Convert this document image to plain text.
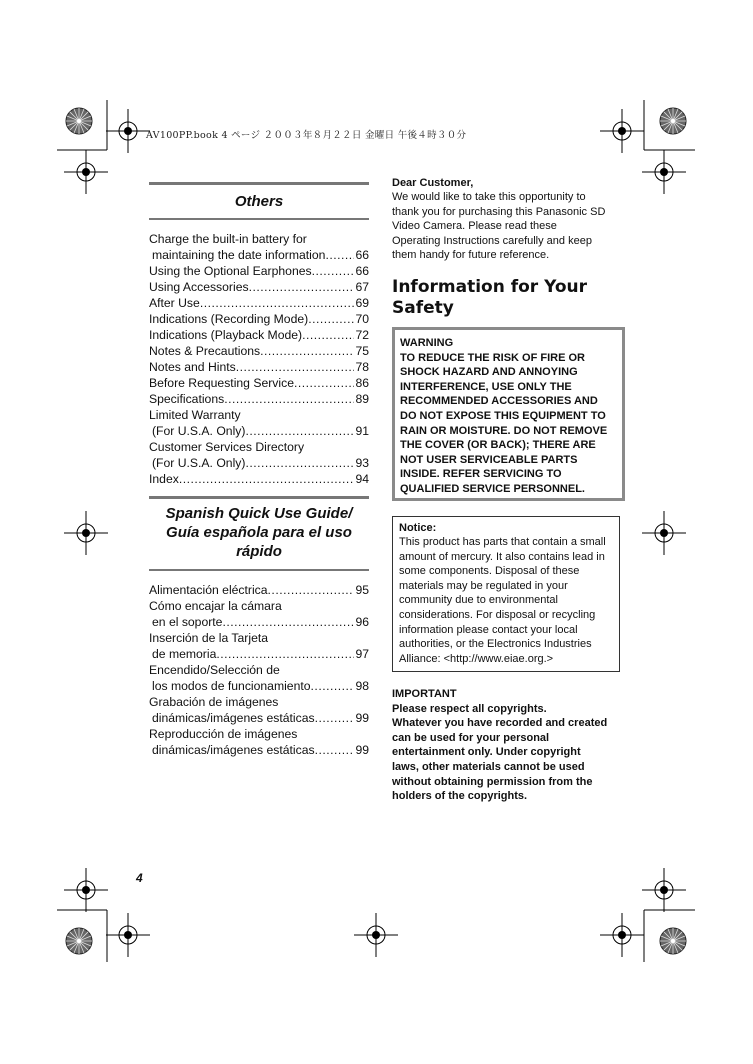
AV100PP.book 4 ページ ２００３年８月２２日 金曜日 午後４時３０分
Others
Charge the built-in battery for
maintaining the date information ..... 66
Using the Optional Earphones .....	66
Using Accessories .....	67
After Use .....	69
Indications (Recording Mode) .....	70
Indications (Playback Mode) .....	72
Notes & Precautions .....	75
Notes and Hints .....	78
Before Requesting Service .....	86
Specifications .....	89
Limited Warranty
(For U.S.A. Only) .....	91
Customer Services Directory
(For U.S.A. Only) .....	93
Index .....	94
Spanish Quick Use Guide/
Guía española para el uso
rápido
Alimentación eléctrica .....	95
Cómo encajar la cámara
en el soporte .....	96
Inserción de la Tarjeta
de memoria .....	97
Encendido/Selección de
los modos de funcionamiento .....	98
Grabación de imágenes
dinámicas/imágenes estáticas .....	99
Reproducción de imágenes
dinámicas/imágenes estáticas .....	99
Dear Customer,
We would like to take this opportunity to
thank you for purchasing this Panasonic SD
Video Camera. Please read these
Operating Instructions carefully and keep
them handy for future reference.
Information for Your
Safety
WARNING
TO REDUCE THE RISK OF FIRE OR
SHOCK HAZARD AND ANNOYING
INTERFERENCE, USE ONLY THE
RECOMMENDED ACCESSORIES AND
DO NOT EXPOSE THIS EQUIPMENT TO
RAIN OR MOISTURE. DO NOT REMOVE
THE COVER (OR BACK); THERE ARE
NOT USER SERVICEABLE PARTS
INSIDE. REFER SERVICING TO
QUALIFIED SERVICE PERSONNEL.
Notice:
This product has parts that contain a small
amount of mercury. It also contains lead in
some components. Disposal of these
materials may be regulated in your
community due to environmental
considerations. For disposal or recycling
information please contact your local
authorities, or the Electronics Industries
Alliance: <http://www.eiae.org.>
IMPORTANT
Please respect all copyrights.
Whatever you have recorded and created
can be used for your personal
entertainment only. Under copyright
laws, other materials cannot be used
without obtaining permission from the
holders of the copyrights.
4
